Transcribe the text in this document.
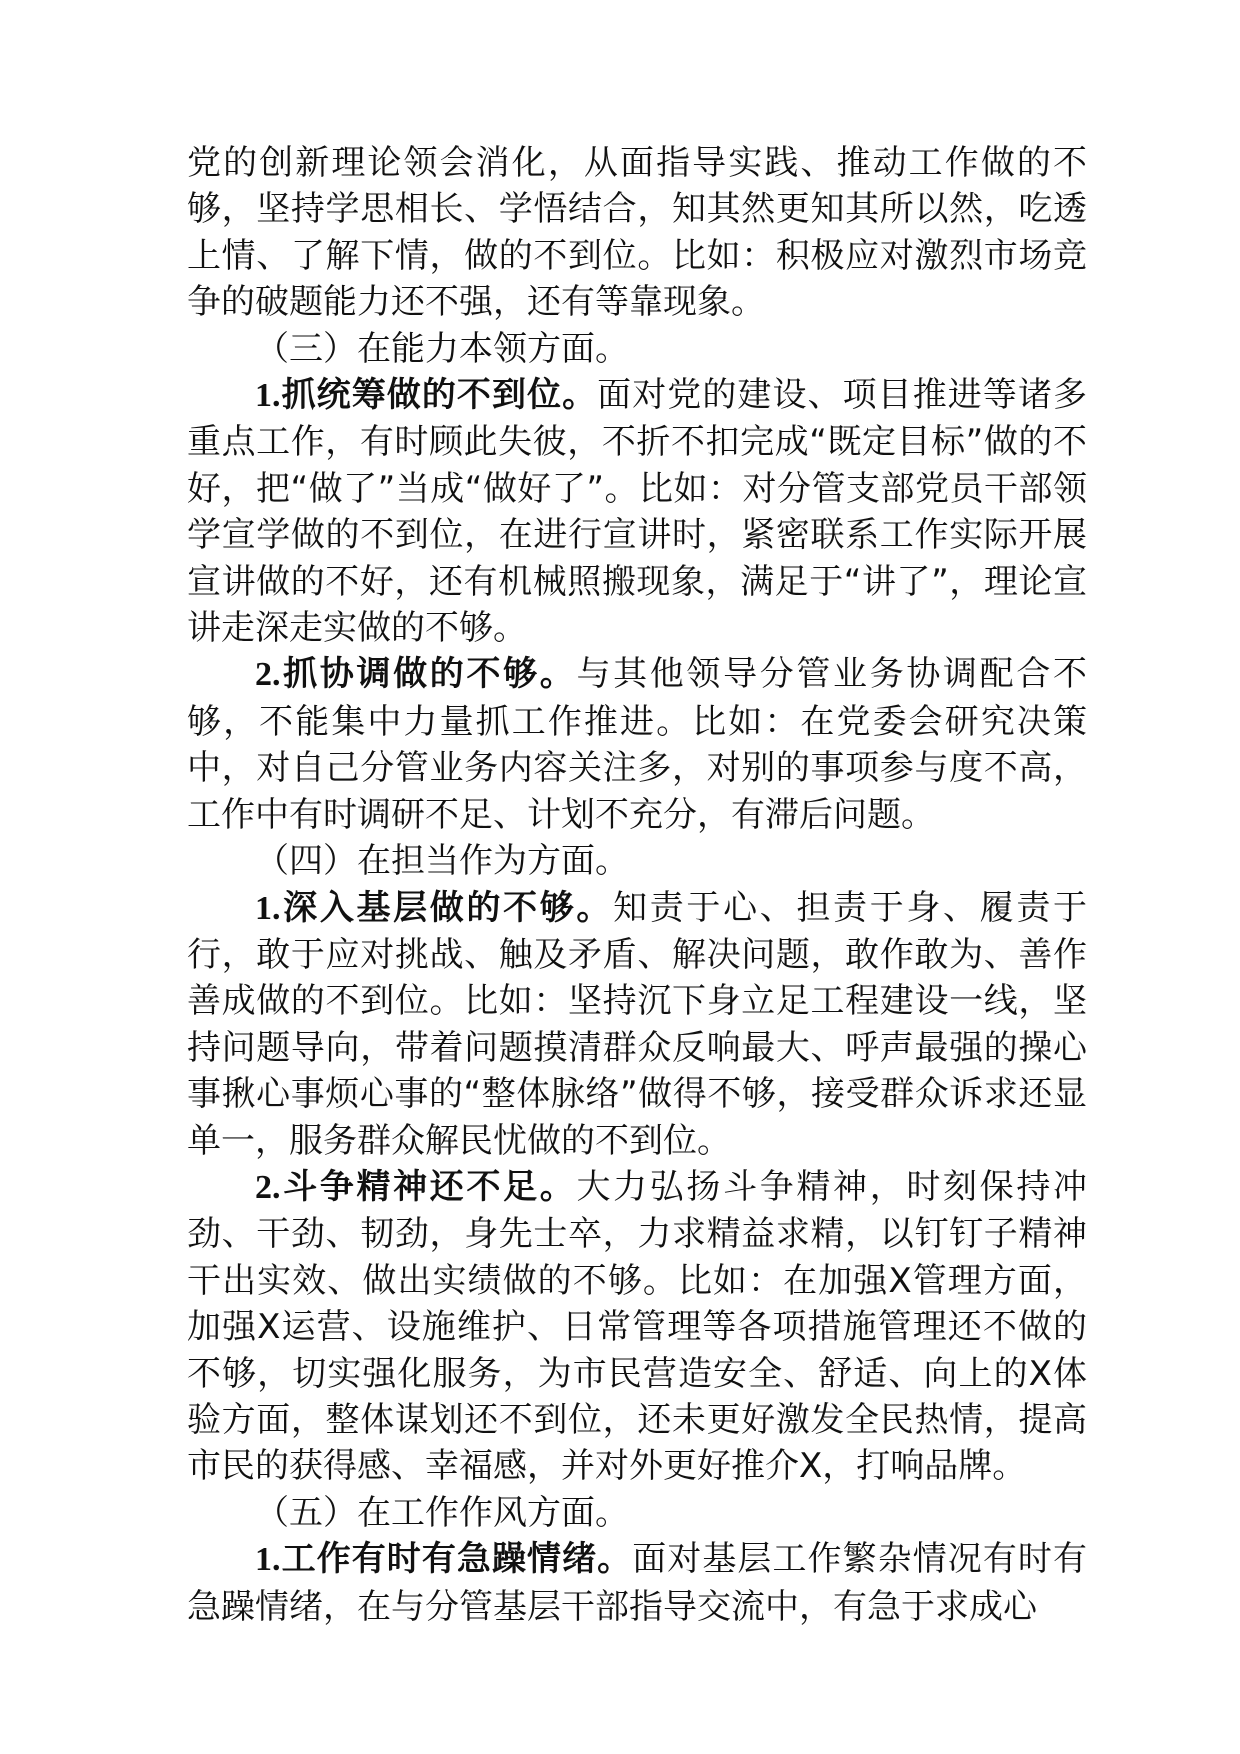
党的创新理论领会消化，从面指导实践、推动工作做的不够，坚持学思相长、学悟结合，知其然更知其所以然，吃透上情、了解下情，做的不到位。比如：积极应对激烈市场竞争的破题能力还不强，还有等靠现象。

（三）在能力本领方面。

1.抓统筹做的不到位。面对党的建设、项目推进等诸多重点工作，有时顾此失彼，不折不扣完成“既定目标”做的不好，把“做了”当成“做好了”。比如：对分管支部党员干部领学宣学做的不到位，在进行宣讲时，紧密联系工作实际开展宣讲做的不好，还有机械照搬现象，满足于“讲了”，理论宣讲走深走实做的不够。

2.抓协调做的不够。与其他领导分管业务协调配合不够，不能集中力量抓工作推进。比如：在党委会研究决策中，对自己分管业务内容关注多，对别的事项参与度不高，工作中有时调研不足、计划不充分，有滞后问题。

（四）在担当作为方面。

1.深入基层做的不够。知责于心、担责于身、履责于行，敢于应对挑战、触及矛盾、解决问题，敢作敢为、善作善成做的不到位。比如：坚持沉下身立足工程建设一线，坚持问题导向，带着问题摸清群众反响最大、呼声最强的操心事揪心事烦心事的“整体脉络”做得不够，接受群众诉求还显单一，服务群众解民忧做的不到位。

2.斗争精神还不足。大力弘扬斗争精神，时刻保持冲劲、干劲、韧劲，身先士卒，力求精益求精，以钉钉子精神干出实效、做出实绩做的不够。比如：在加强X管理方面，加强X运营、设施维护、日常管理等各项措施管理还不做的不够，切实强化服务，为市民营造安全、舒适、向上的X体验方面，整体谋划还不到位，还未更好激发全民热情，提高市民的获得感、幸福感，并对外更好推介X，打响品牌。

（五）在工作作风方面。

1.工作有时有急躁情绪。面对基层工作繁杂情况有时有急躁情绪，在与分管基层干部指导交流中，有急于求成心
